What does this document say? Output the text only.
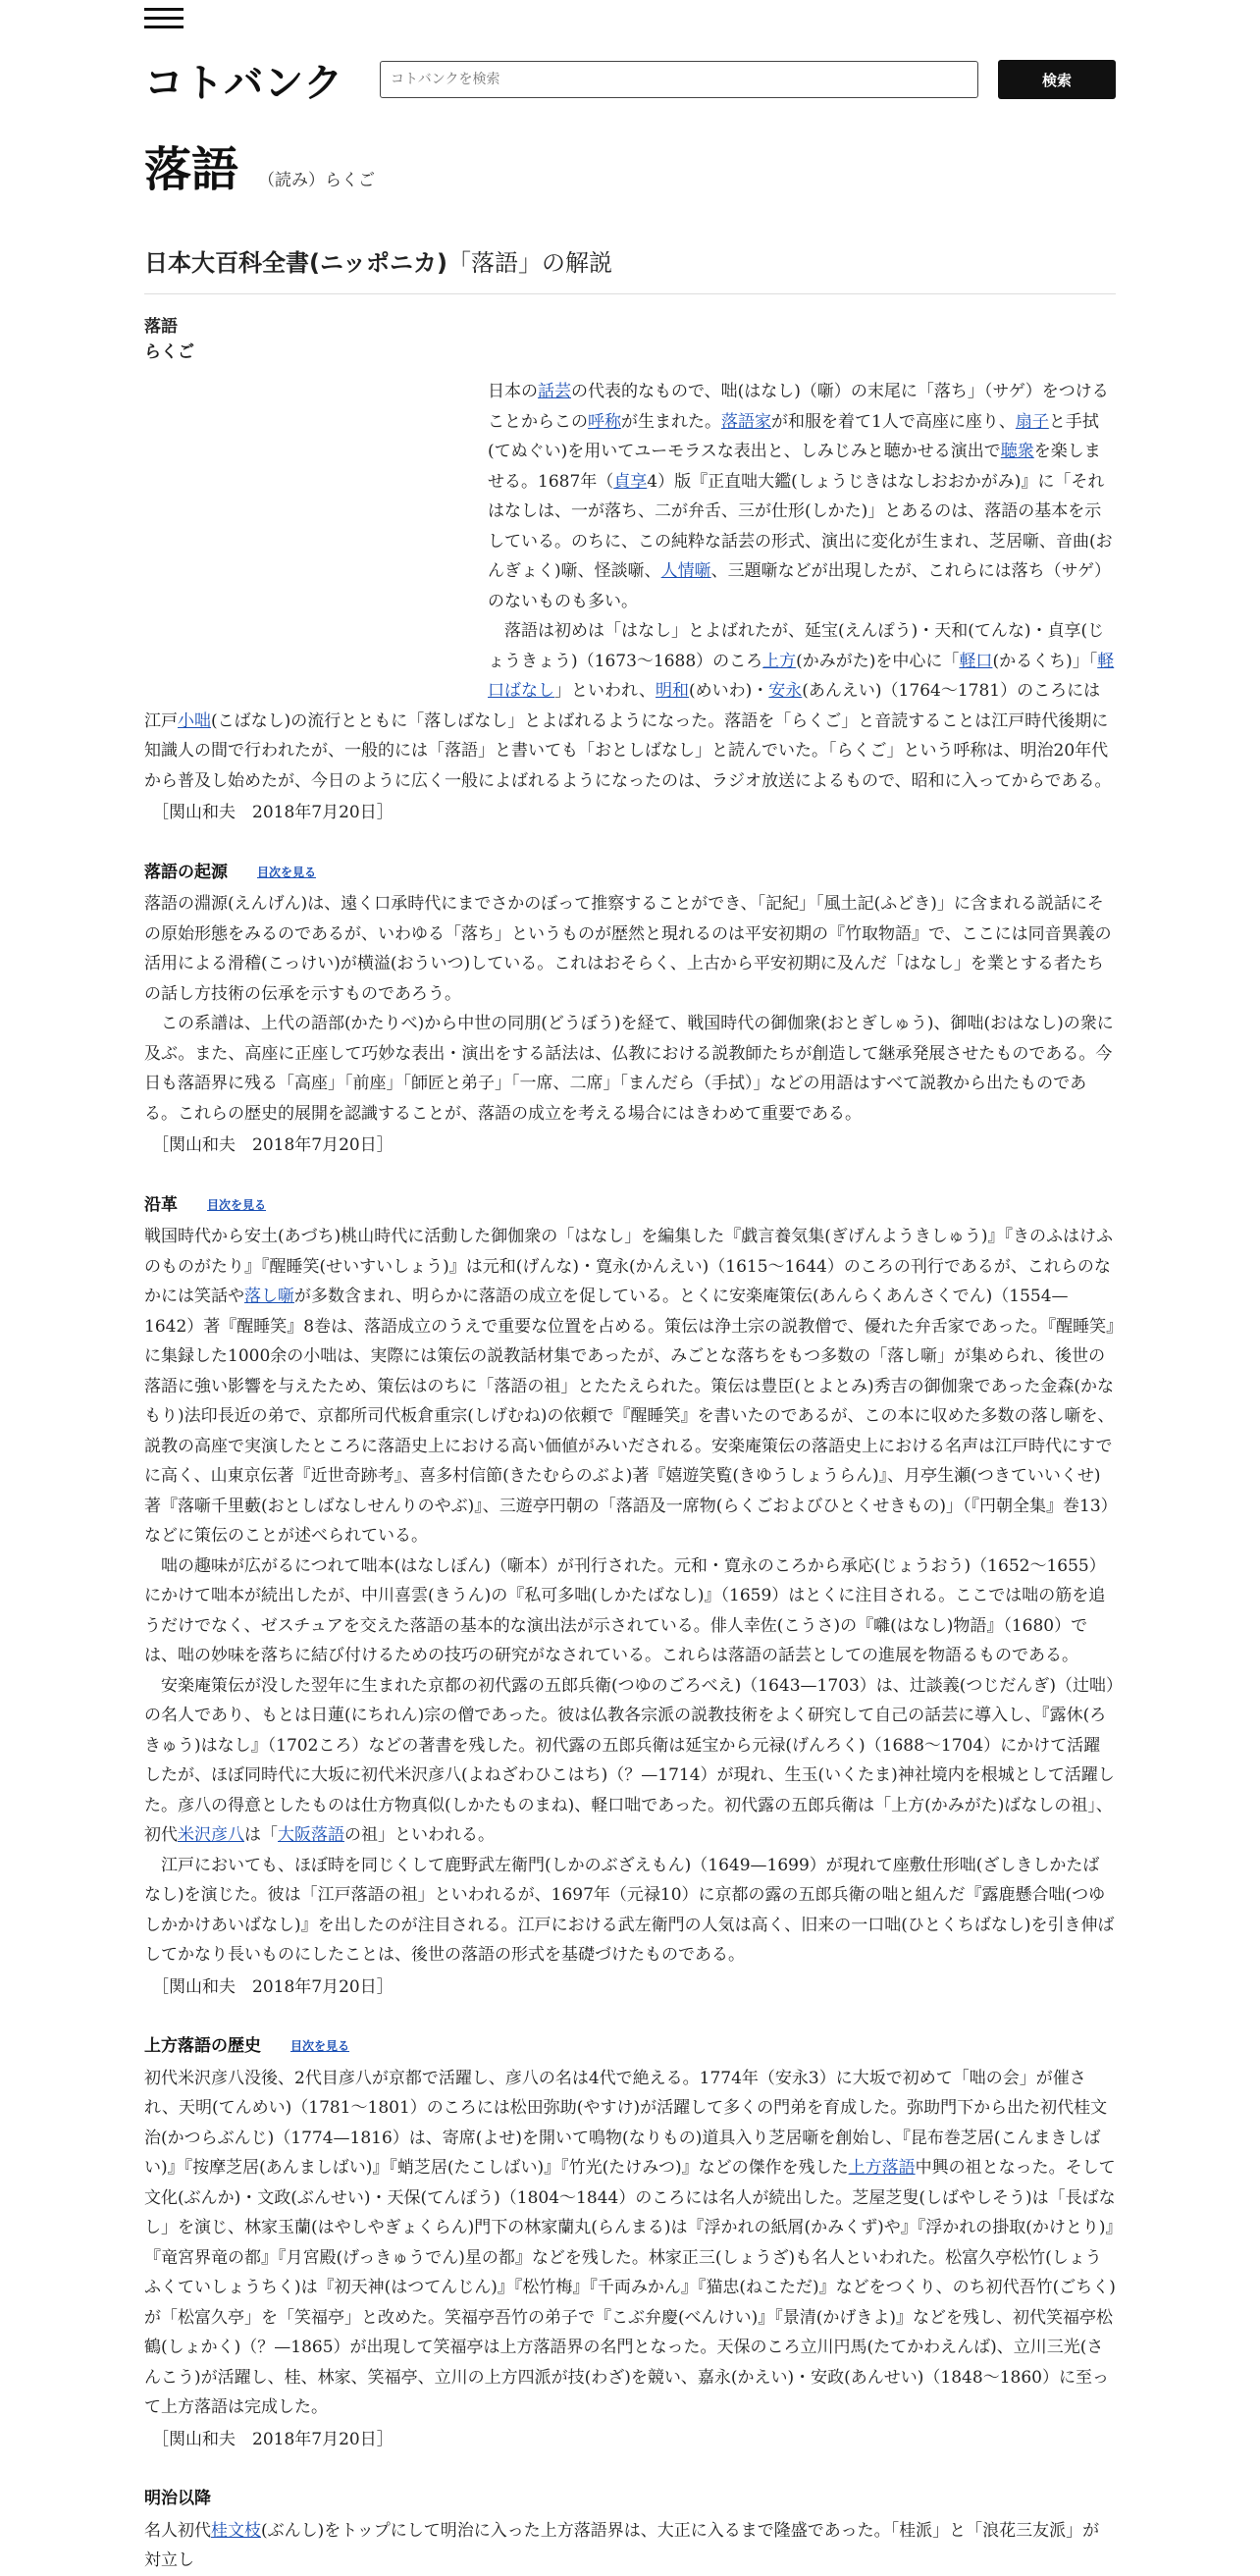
コトバンク	コトバンクを検索	検索
落語 （読み）らくご
日本大百科全書(ニッポニカ)「落語」の解説
落語
らくご

日本の話芸の代表的なもので、咄(はなし)（噺）の末尾に「落ち」（サゲ）をつけることからこの呼称が生まれた。落語家が和服を着て1人で高座に座り、扇子と手拭(てぬぐい)を用いてユーモラスな表出と、しみじみと聴かせる演出で聴衆を楽しませる。1687年（貞享4）版『正直咄大鑑(しょうじきはなしおおかがみ)』に「それはなしは、一が落ち、二が弁舌、三が仕形(しかた)」とあるのは、落語の基本を示している。のちに、この純粋な話芸の形式、演出に変化が生まれ、芝居噺、音曲(おんぎょく)噺、怪談噺、人情噺、三題噺などが出現したが、これらには落ち（サゲ）のないものも多い。

落語は初めは「はなし」とよばれたが、延宝(えんぽう)・天和(てんな)・貞享(じょうきょう)（1673～1688）のころ上方(かみがた)を中心に「軽口(かるくち)」「軽口ばなし」といわれ、明和(めいわ)・安永(あんえい)（1764～1781）のころには江戸小咄(こばなし)の流行とともに「落しばなし」とよばれるようになった。落語を「らくご」と音読することは江戸時代後期に知識人の間で行われたが、一般的には「落語」と書いても「おとしばなし」と読んでいた。「らくご」という呼称は、明治20年代から普及し始めたが、今日のように広く一般によばれるようになったのは、ラジオ放送によるもので、昭和に入ってからである。

［関山和夫　2018年7月20日］
落語の起源	目次を見る

落語の淵源(えんげん)は、遠く口承時代にまでさかのぼって推察することができ、「記紀」「風土記(ふどき)」に含まれる説話にその原始形態をみるのであるが、いわゆる「落ち」というものが歴然と現れるのは平安初期の『竹取物語』で、ここには同音異義の活用による滑稽(こっけい)が横溢(おういつ)している。これはおそらく、上古から平安初期に及んだ「はなし」を業とする者たちの話し方技術の伝承を示すものであろう。

この系譜は、上代の語部(かたりべ)から中世の同朋(どうぼう)を経て、戦国時代の御伽衆(おとぎしゅう)、御咄(おはなし)の衆に及ぶ。また、高座に正座して巧妙な表出・演出をする話法は、仏教における説教師たちが創造して継承発展させたものである。今日も落語界に残る「高座」「前座」「師匠と弟子」「一席、二席」「まんだら（手拭）」などの用語はすべて説教から出たものである。これらの歴史的展開を認識することが、落語の成立を考える場合にはきわめて重要である。

［関山和夫　2018年7月20日］
沿革	目次を見る

戦国時代から安土(あづち)桃山時代に活動した御伽衆の「はなし」を編集した『戯言養気集(ぎげんようきしゅう)』『きのふはけふのものがたり』『醒睡笑(せいすいしょう)』は元和(げんな)・寛永(かんえい)（1615～1644）のころの刊行であるが、これらのなかには笑話や落し噺が多数含まれ、明らかに落語の成立を促している。とくに安楽庵策伝(あんらくあんさくでん)（1554—1642）著『醒睡笑』8巻は、落語成立のうえで重要な位置を占める。策伝は浄土宗の説教僧で、優れた弁舌家であった。『醒睡笑』に集録した1000余の小咄は、実際には策伝の説教話材集であったが、みごとな落ちをもつ多数の「落し噺」が集められ、後世の落語に強い影響を与えたため、策伝はのちに「落語の祖」とたたえられた。策伝は豊臣(とよとみ)秀吉の御伽衆であった金森(かなもり)法印長近の弟で、京都所司代板倉重宗(しげむね)の依頼で『醒睡笑』を書いたのであるが、この本に収めた多数の落し噺を、説教の高座で実演したところに落語史上における高い価値がみいだされる。安楽庵策伝の落語史上における名声は江戸時代にすでに高く、山東京伝著『近世奇跡考』、喜多村信節(きたむらのぶよ)著『嬉遊笑覧(きゆうしょうらん)』、月亭生瀬(つきていいくせ)著『落噺千里藪(おとしばなしせんりのやぶ)』、三遊亭円朝の「落語及一席物(らくごおよびひとくせきもの)」（『円朝全集』巻13）などに策伝のことが述べられている。

咄の趣味が広がるにつれて咄本(はなしぼん)（噺本）が刊行された。元和・寛永のころから承応(じょうおう)（1652～1655）にかけて咄本が続出したが、中川喜雲(きうん)の『私可多咄(しかたばなし)』（1659）はとくに注目される。ここでは咄の筋を追うだけでなく、ゼスチュアを交えた落語の基本的な演出法が示されている。俳人幸佐(こうさ)の『囃(はなし)物語』（1680）では、咄の妙味を落ちに結び付けるための技巧の研究がなされている。これらは落語の話芸としての進展を物語るものである。

安楽庵策伝が没した翌年に生まれた京都の初代露の五郎兵衛(つゆのごろべえ)（1643—1703）は、辻談義(つじだんぎ)（辻咄）の名人であり、もとは日蓮(にちれん)宗の僧であった。彼は仏教各宗派の説教技術をよく研究して自己の話芸に導入し、『露休(ろきゅう)はなし』（1702ころ）などの著書を残した。初代露の五郎兵衛は延宝から元禄(げんろく)（1688～1704）にかけて活躍したが、ほぼ同時代に大坂に初代米沢彦八(よねざわひこはち)（？—1714）が現れ、生玉(いくたま)神社境内を根城として活躍した。彦八の得意としたものは仕方物真似(しかたものまね)、軽口咄であった。初代露の五郎兵衛は「上方(かみがた)ばなしの祖」、初代米沢彦八は「大阪落語の祖」といわれる。

江戸においても、ほぼ時を同じくして鹿野武左衛門(しかのぶざえもん)（1649—1699）が現れて座敷仕形咄(ざしきしかたばなし)を演じた。彼は「江戸落語の祖」といわれるが、1697年（元禄10）に京都の露の五郎兵衛の咄と組んだ『露鹿懸合咄(つゆしかかけあいばなし)』を出したのが注目される。江戸における武左衛門の人気は高く、旧来の一口咄(ひとくちばなし)を引き伸ばしてかなり長いものにしたことは、後世の落語の形式を基礎づけたものである。

［関山和夫　2018年7月20日］
上方落語の歴史	目次を見る

初代米沢彦八没後、2代目彦八が京都で活躍し、彦八の名は4代で絶える。1774年（安永3）に大坂で初めて「咄の会」が催され、天明(てんめい)（1781～1801）のころには松田弥助(やすけ)が活躍して多くの門弟を育成した。弥助門下から出た初代桂文治(かつらぶんじ)（1774—1816）は、寄席(よせ)を開いて鳴物(なりもの)道具入り芝居噺を創始し、『昆布巻芝居(こんまきしばい)』『按摩芝居(あんましばい)』『蛸芝居(たこしばい)』『竹光(たけみつ)』などの傑作を残した上方落語中興の祖となった。そして文化(ぶんか)・文政(ぶんせい)・天保(てんぽう)（1804～1844）のころには名人が続出した。芝屋芝叟(しばやしそう)は「長ばなし」を演じ、林家玉蘭(はやしやぎょくらん)門下の林家蘭丸(らんまる)は『浮かれの紙屑(かみくず)や』『浮かれの掛取(かけとり)』『竜宮界竜の都』『月宮殿(げっきゅうでん)星の都』などを残した。林家正三(しょうざ)も名人といわれた。松富久亭松竹(しょうふくていしょうちく)は『初天神(はつてんじん)』『松竹梅』『千両みかん』『猫忠(ねこただ)』などをつくり、のち初代吾竹(ごちく)が「松富久亭」を「笑福亭」と改めた。笑福亭吾竹の弟子で『こぶ弁慶(べんけい)』『景清(かげきよ)』などを残し、初代笑福亭松鶴(しょかく)（？—1865）が出現して笑福亭は上方落語界の名門となった。天保のころ立川円馬(たてかわえんば)、立川三光(さんこう)が活躍し、桂、林家、笑福亭、立川の上方四派が技(わざ)を競い、嘉永(かえい)・安政(あんせい)（1848～1860）に至って上方落語は完成した。

［関山和夫　2018年7月20日］
明治以降

名人初代桂文枝(ぶんし)をトップにして明治に入った上方落語界は、大正に入るまで隆盛であった。「桂派」と「浪花三友派」が対立し
